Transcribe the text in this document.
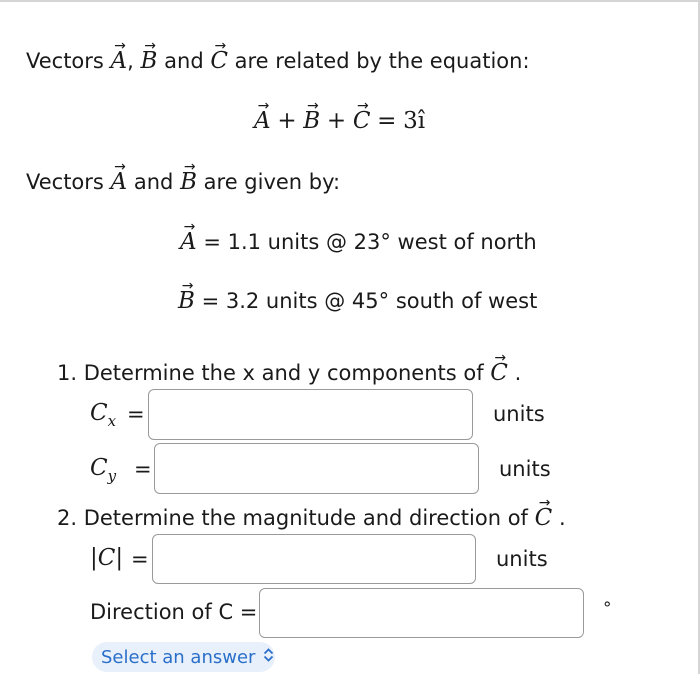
Vectors → A, → B and → C are related by the equation:
→ A + → B + → C = 3î
Vectors → A and → B are given by:
→ A = 1.1 units @ 23° west of north
→ B = 3.2 units @ 45° south of west
1. Determine the x and y components of → C .
Cx =	units
Cy =	units
2. Determine the magnitude and direction of → C .
|C| =	units
Direction of C =	°
Select an answer
